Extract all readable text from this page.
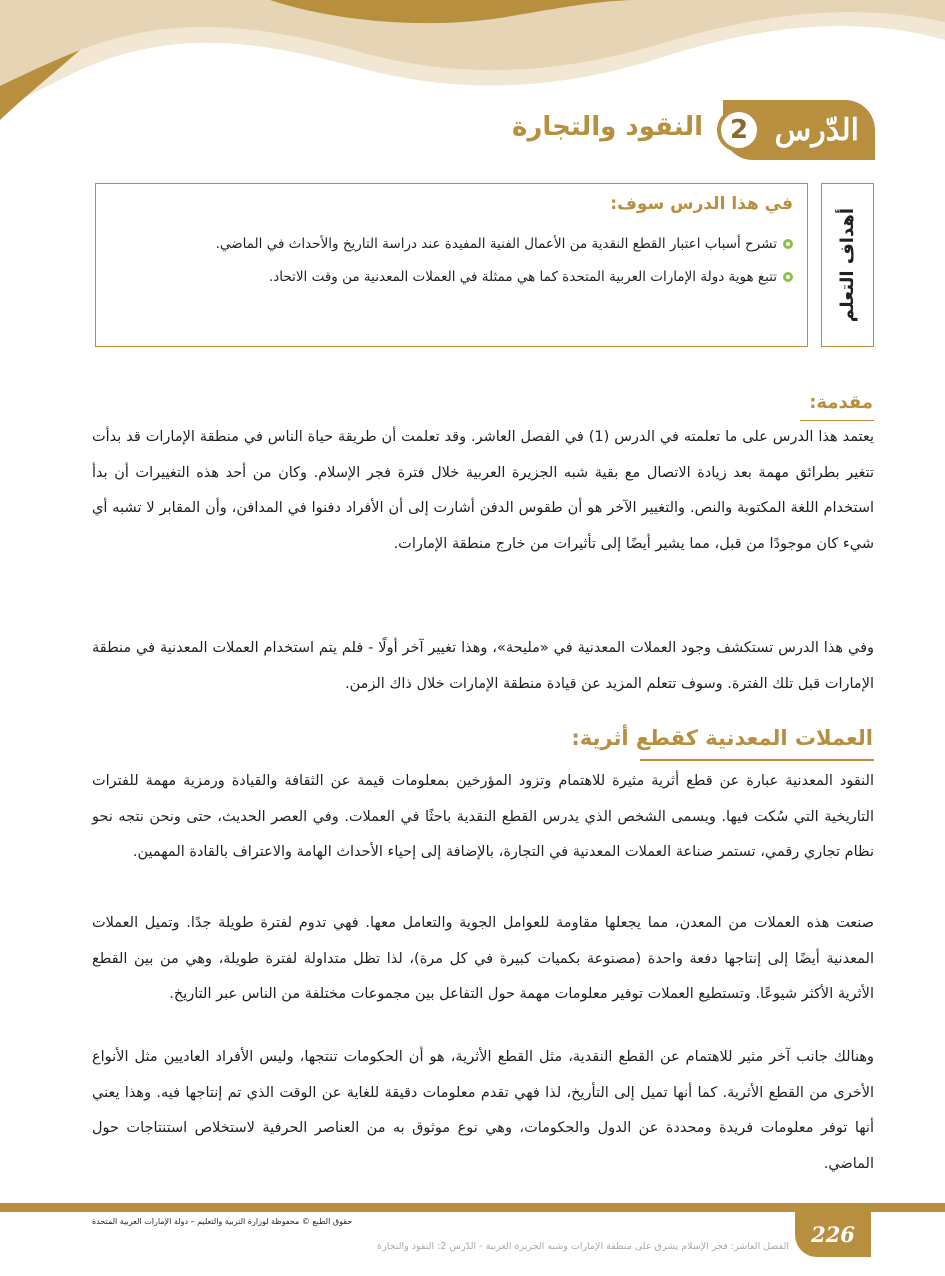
الدّرس
2
النقود والتجارة
أهداف التعلم
في هذا الدرس سوف:
تشرح أسباب اعتبار القطع النقدية من الأعمال الفنية المفيدة عند دراسة التاريخ والأحداث في الماضي.
تتبع هوية دولة الإمارات العربية المتحدة كما هي ممثلة في العملات المعدنية من وقت الاتحاد.
مقدمة:

يعتمد هذا الدرس على ما تعلمته في الدرس (1) في الفصل العاشر. وقد تعلمت أن طريقة حياة الناس في منطقة الإمارات قد بدأت تتغير بطرائق مهمة بعد زيادة الاتصال مع بقية شبه الجزيرة العربية خلال فترة فجر الإسلام. وكان من أحد هذه التغييرات أن بدأ استخدام اللغة المكتوبة والنص. والتغيير الآخر هو أن طقوس الدفن أشارت إلى أن الأفراد دفنوا في المدافن، وأن المقابر لا تشبه أي شيء كان موجودًا من قبل، مما يشير أيضًا إلى تأثيرات من خارج منطقة الإمارات.

وفي هذا الدرس تستكشف وجود العملات المعدنية في «مليحة»، وهذا تغيير آخر أولًا - فلم يتم استخدام العملات المعدنية في منطقة الإمارات قبل تلك الفترة. وسوف تتعلم المزيد عن قيادة منطقة الإمارات خلال ذاك الزمن.

العملات المعدنية كقطع أثرية:

النقود المعدنية عبارة عن قطع أثرية مثيرة للاهتمام وتزود المؤرخين بمعلومات قيمة عن الثقافة والقيادة ورمزية مهمة للفترات التاريخية التي سُكت فيها. ويسمى الشخص الذي يدرس القطع النقدية باحثًا في العملات. وفي العصر الحديث، حتى ونحن نتجه نحو نظام تجاري رقمي، تستمر صناعة العملات المعدنية في التجارة، بالإضافة إلى إحياء الأحداث الهامة والاعتراف بالقادة المهمين.

صنعت هذه العملات من المعدن، مما يجعلها مقاومة للعوامل الجوية والتعامل معها. فهي تدوم لفترة طويلة جدًا. وتميل العملات المعدنية أيضًا إلى إنتاجها دفعة واحدة (مصنوعة بكميات كبيرة في كل مرة)، لذا تظل متداولة لفترة طويلة، وهي من بين القطع الأثرية الأكثر شيوعًا. وتستطيع العملات توفير معلومات مهمة حول التفاعل بين مجموعات مختلفة من الناس عبر التاريخ.

وهنالك جانب آخر مثير للاهتمام عن القطع النقدية، مثل القطع الأثرية، هو أن الحكومات تنتجها، وليس الأفراد العاديين مثل الأنواع الأخرى من القطع الأثرية. كما أنها تميل إلى التأريخ، لذا فهي تقدم معلومات دقيقة للغاية عن الوقت الذي تم إنتاجها فيه. وهذا يعني أنها توفر معلومات فريدة ومحددة عن الدول والحكومات، وهي نوع موثوق به من العناصر الحرفية لاستخلاص استنتاجات حول الماضي.

226
حقوق الطبع © محفوظة لوزارة التربية والتعليم – دولة الإمارات العربية المتحدة
الفصل العاشر: فجر الإسلام يشرق على منطقة الإمارات وشبه الجزيرة العربية - الدّرس 2: النقود والتجارة
